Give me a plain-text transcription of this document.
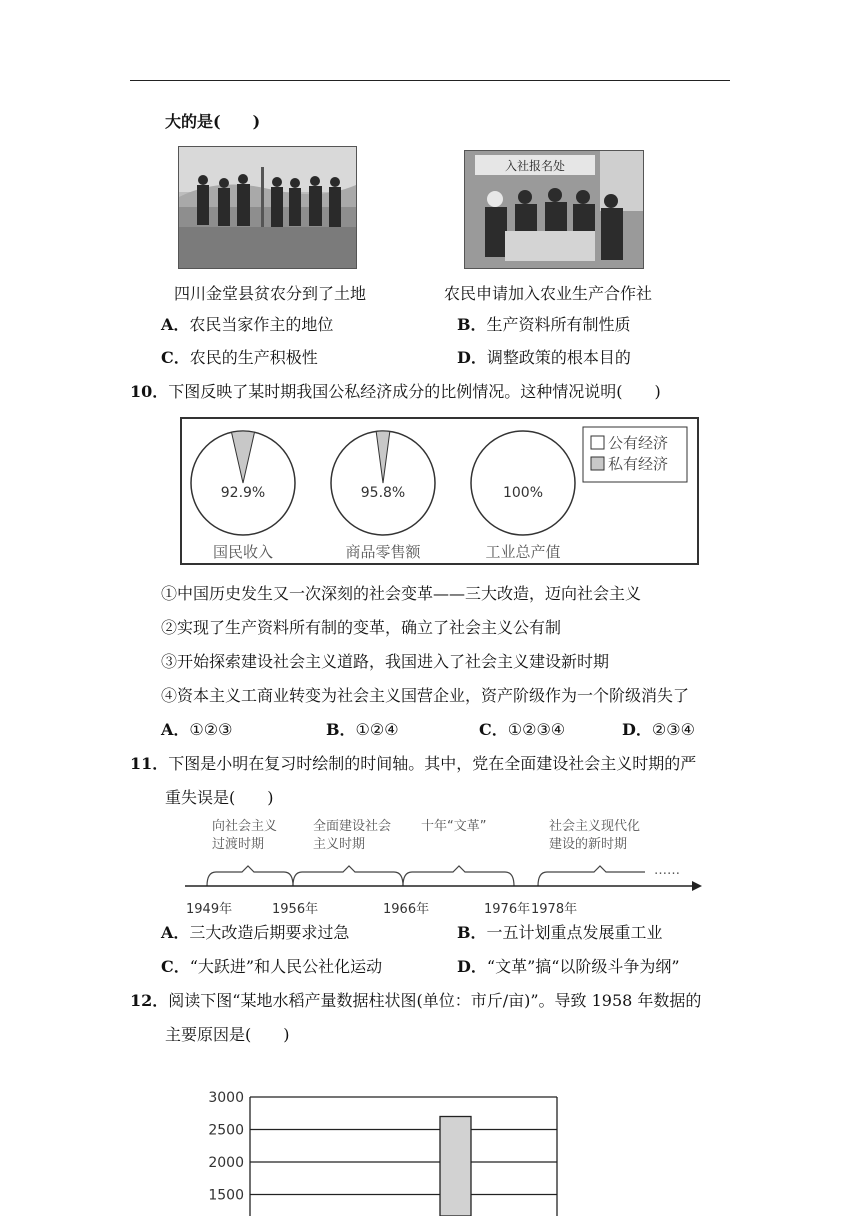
大的是(　　)
入社报名处
四川金堂县贫农分到了土地	农民申请加入农业生产合作社
A．农民当家作主的地位	B．生产资料所有制性质
C．农民的生产积极性	D．调整政策的根本目的
10．下图反映了某时期我国公私经济成分的比例情况。这种情况说明(　　)
92.9%
国民收入
95.8%
商品零售额
100%
工业总产值
公有经济
私有经济
①中国历史发生又一次深刻的社会变革——三大改造，迈向社会主义
②实现了生产资料所有制的变革，确立了社会主义公有制
③开始探索建设社会主义道路，我国进入了社会主义建设新时期
④资本主义工商业转变为社会主义国营企业，资产阶级作为一个阶级消失了
A．①②③	B．①②④	C．①②③④	D．②③④
11．下图是小明在复习时绘制的时间轴。其中，党在全面建设社会主义时期的严
重失误是(　　)
向社会主义
过渡时期
全面建设社会
主义时期
十年“文革”	社会主义现代化
建设的新时期
……
1949年	1956年	1966年	1976年 1978年
A．三大改造后期要求过急	B．一五计划重点发展重工业
C．“大跃进”和人民公社化运动	D．“文革”搞“以阶级斗争为纲”
12．阅读下图“某地水稻产量数据柱状图(单位：市斤/亩)”。导致 1958 年数据的
主要原因是(　　)
3000
2500
2000
1500
